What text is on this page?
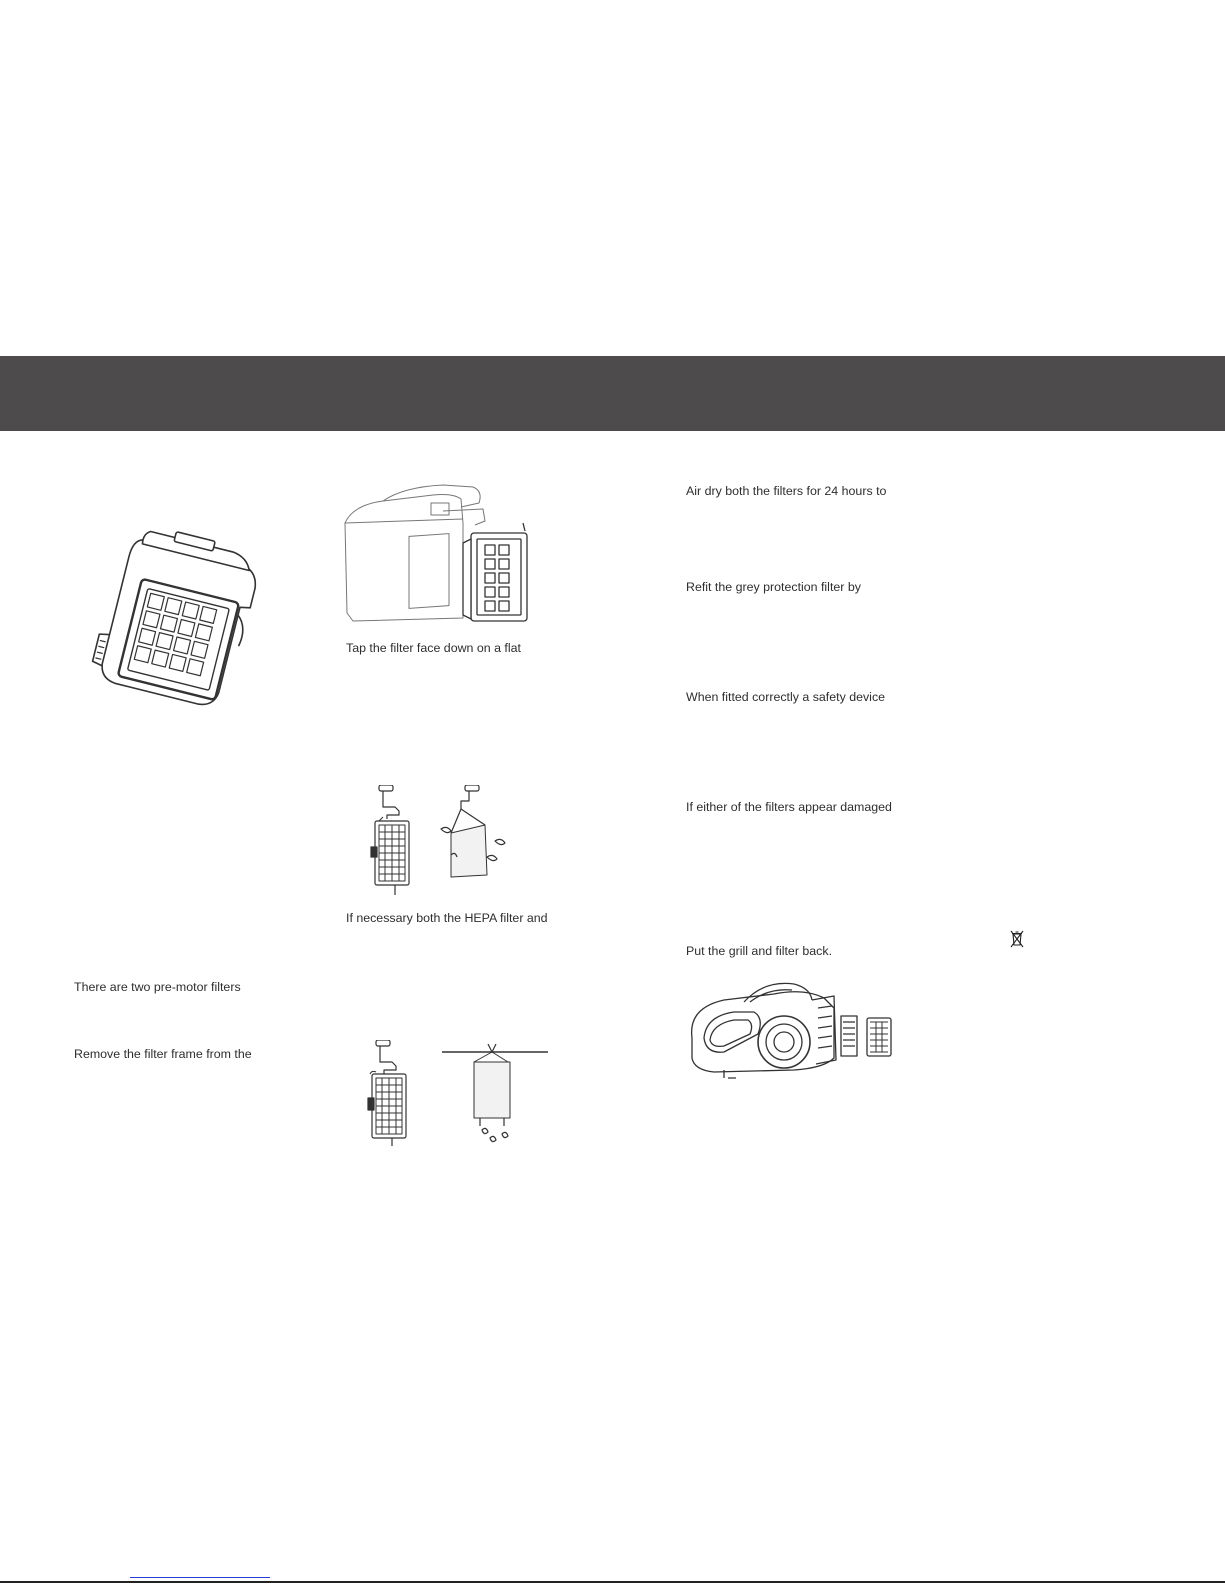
There are two pre-motor filters
Remove the filter frame from the
Tap the filter face down on a flat
If necessary both the HEPA filter and
Air dry both the filters for 24 hours to
Refit the grey protection filter by
When fitted correctly a safety device
If either of the filters appear damaged
Put the grill and filter back.
